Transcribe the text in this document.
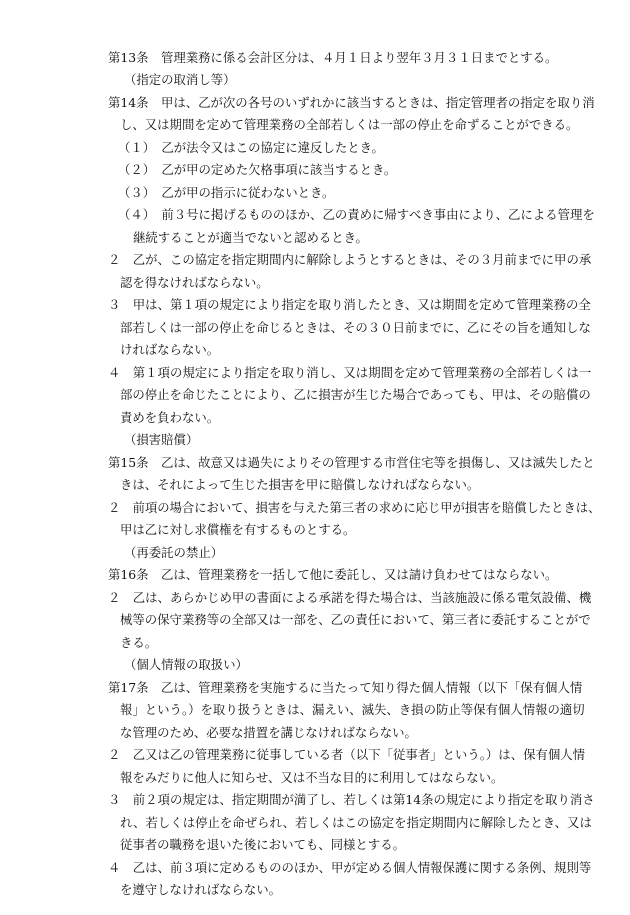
第13条　管理業務に係る会計区分は、４月１日より翌年３月３１日までとする。
（指定の取消し等）
第14条　甲は、乙が次の各号のいずれかに該当するときは、指定管理者の指定を取り消
し、又は期間を定めて管理業務の全部若しくは一部の停止を命ずることができる。
（１）　乙が法令又はこの協定に違反したとき。
（２）　乙が甲の定めた欠格事項に該当するとき。
（３）　乙が甲の指示に従わないとき。
（４）　前３号に掲げるもののほか、乙の責めに帰すべき事由により、乙による管理を
継続することが適当でないと認めるとき。
２　乙が、この協定を指定期間内に解除しようとするときは、その３月前までに甲の承
認を得なければならない。
３　甲は、第１項の規定により指定を取り消したとき、又は期間を定めて管理業務の全
部若しくは一部の停止を命じるときは、その３０日前までに、乙にその旨を通知しな
ければならない。
４　第１項の規定により指定を取り消し、又は期間を定めて管理業務の全部若しくは一
部の停止を命じたことにより、乙に損害が生じた場合であっても、甲は、その賠償の
責めを負わない。
（損害賠償）
第15条　乙は、故意又は過失によりその管理する市営住宅等を損傷し、又は滅失したと
きは、それによって生じた損害を甲に賠償しなければならない。
２　前項の場合において、損害を与えた第三者の求めに応じ甲が損害を賠償したときは、
甲は乙に対し求償権を有するものとする。
（再委託の禁止）
第16条　乙は、管理業務を一括して他に委託し、又は請け負わせてはならない。
２　乙は、あらかじめ甲の書面による承諾を得た場合は、当該施設に係る電気設備、機
械等の保守業務等の全部又は一部を、乙の責任において、第三者に委託することがで
きる。
（個人情報の取扱い）
第17条　乙は、管理業務を実施するに当たって知り得た個人情報（以下「保有個人情
報」という。）を取り扱うときは、漏えい、滅失、き損の防止等保有個人情報の適切
な管理のため、必要な措置を講じなければならない。
２　乙又は乙の管理業務に従事している者（以下「従事者」という。）は、保有個人情
報をみだりに他人に知らせ、又は不当な目的に利用してはならない。
３　前２項の規定は、指定期間が満了し、若しくは第14条の規定により指定を取り消さ
れ、若しくは停止を命ぜられ、若しくはこの協定を指定期間内に解除したとき、又は
従事者の職務を退いた後においても、同様とする。
４　乙は、前３項に定めるもののほか、甲が定める個人情報保護に関する条例、規則等
を遵守しなければならない。
